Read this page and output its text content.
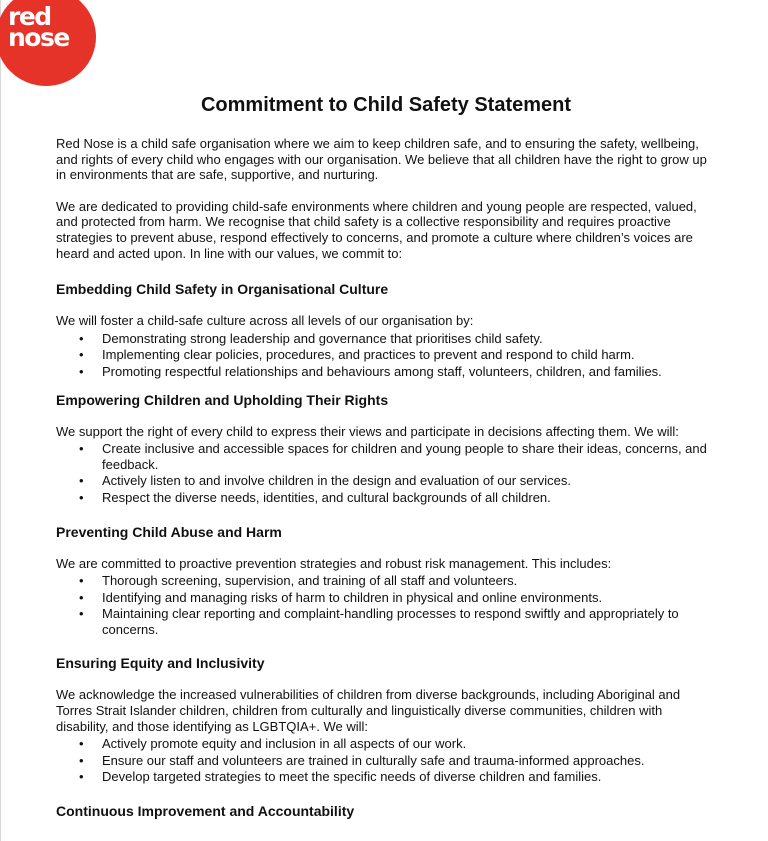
red
nose
Commitment to Child Safety Statement

Red Nose is a child safe organisation where we aim to keep children safe, and to ensuring the safety, wellbeing, and rights of every child who engages with our organisation. We believe that all children have the right to grow up in environments that are safe, supportive, and nurturing.

We are dedicated to providing child-safe environments where children and young people are respected, valued, and protected from harm. We recognise that child safety is a collective responsibility and requires proactive strategies to prevent abuse, respond effectively to concerns, and promote a culture where children’s voices are heard and acted upon. In line with our values, we commit to:

Embedding Child Safety in Organisational Culture

We will foster a child-safe culture across all levels of our organisation by:

• Demonstrating strong leadership and governance that prioritises child safety.
• Implementing clear policies, procedures, and practices to prevent and respond to child harm.
• Promoting respectful relationships and behaviours among staff, volunteers, children, and families.
Empowering Children and Upholding Their Rights

We support the right of every child to express their views and participate in decisions affecting them. We will:

• Create inclusive and accessible spaces for children and young people to share their ideas, concerns, and feedback.
• Actively listen to and involve children in the design and evaluation of our services.
• Respect the diverse needs, identities, and cultural backgrounds of all children.
Preventing Child Abuse and Harm

We are committed to proactive prevention strategies and robust risk management. This includes:

• Thorough screening, supervision, and training of all staff and volunteers.
• Identifying and managing risks of harm to children in physical and online environments.
• Maintaining clear reporting and complaint-handling processes to respond swiftly and appropriately to concerns.
Ensuring Equity and Inclusivity

We acknowledge the increased vulnerabilities of children from diverse backgrounds, including Aboriginal and Torres Strait Islander children, children from culturally and linguistically diverse communities, children with disability, and those identifying as LGBTQIA+. We will:

• Actively promote equity and inclusion in all aspects of our work.
• Ensure our staff and volunteers are trained in culturally safe and trauma-informed approaches.
• Develop targeted strategies to meet the specific needs of diverse children and families.
Continuous Improvement and Accountability
